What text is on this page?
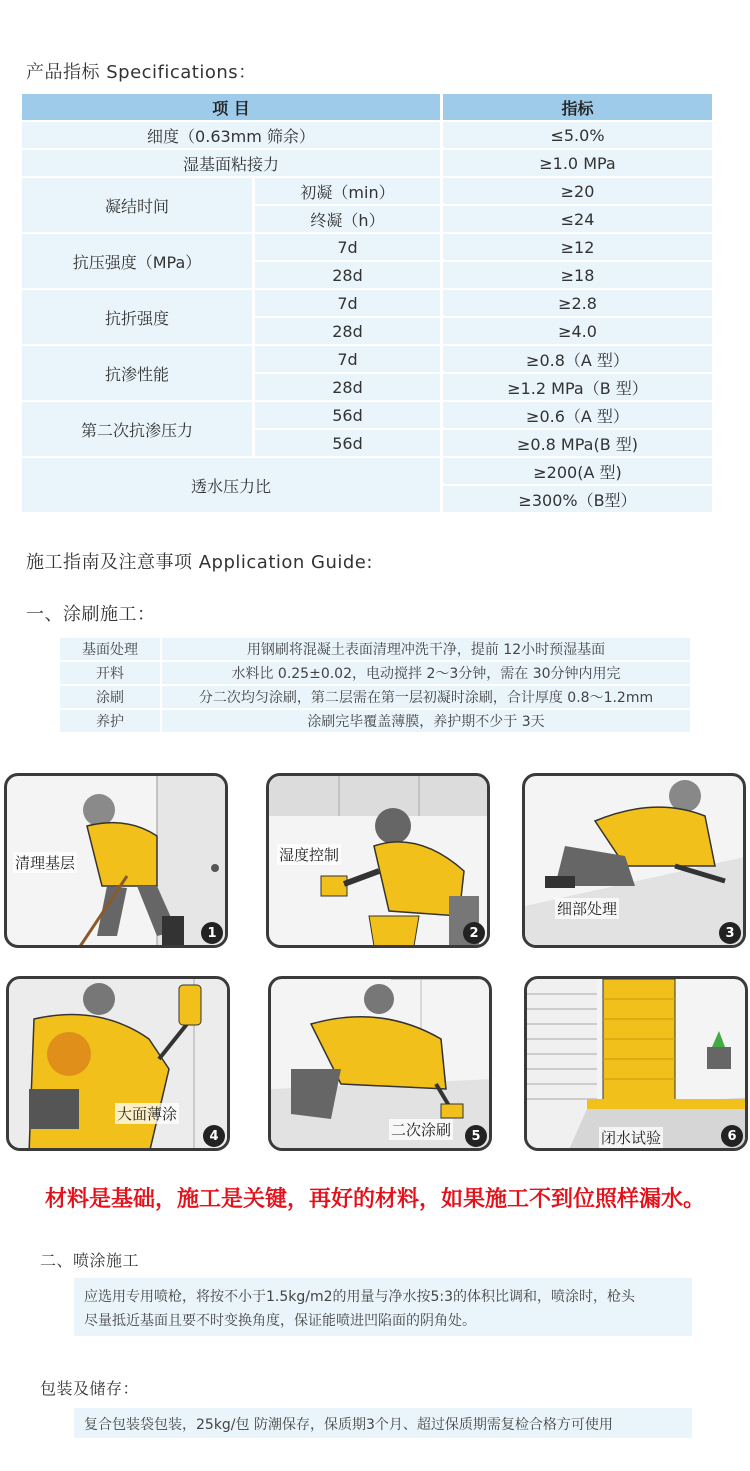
产品指标 Specifications：
项 目	指标
细度（0.63mm 筛余）	≤5.0%
湿基面粘接力	≥1.0 MPa
凝结时间
初凝（min）	≥20
终凝（h）	≤24
抗压强度（MPa）
7d	≥12
28d	≥18
抗折强度
7d	≥2.8
28d	≥4.0
抗渗性能
7d	≥0.8（A 型）
28d	≥1.2 MPa（B 型）
第二次抗渗压力
56d	≥0.6（A 型）
56d	≥0.8 MPa(B 型)
透水压力比
≥200(A 型)
≥300%（B型）
施工指南及注意事项 Application Guide:
一、涂刷施工：
基面处理	用钢刷将混凝土表面清理冲洗干净，提前 12小时预湿基面
开料	水料比 0.25±0.02，电动搅拌 2～3分钟，需在 30分钟内用完
涂刷	分二次均匀涂刷，第二层需在第一层初凝时涂刷，合计厚度 0.8～1.2mm
养护	涂刷完毕覆盖薄膜，养护期不少于 3天
清理基层
1
湿度控制
2
细部处理
3
大面薄涂
4	二次涂刷	5	闭水试验	6
材料是基础，施工是关键，再好的材料，如果施工不到位照样漏水。
二、喷涂施工
应选用专用喷枪，将按不小于1.5kg/m2的用量与净水按5:3的体积比调和，喷涂时，枪头
尽量抵近基面且要不时变换角度，保证能喷进凹陷面的阴角处。
包装及储存：
复合包装袋包装，25kg/包 防潮保存，保质期3个月、超过保质期需复检合格方可使用
